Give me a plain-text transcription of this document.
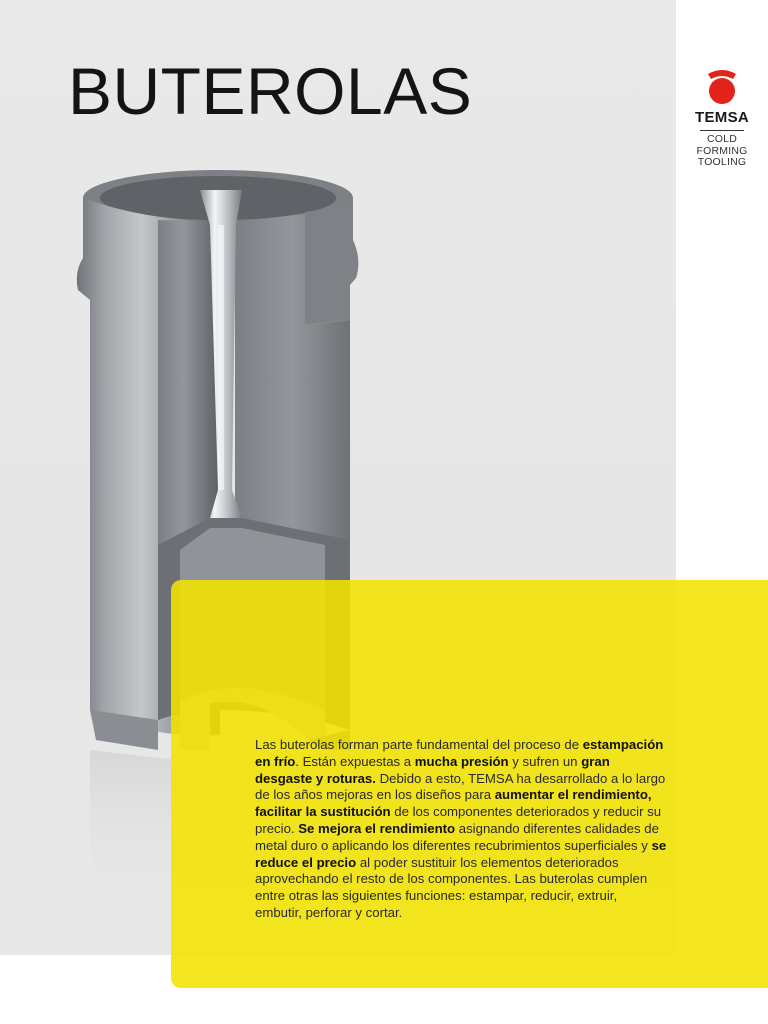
BUTEROLAS	TEMSA
COLD
FORMING
TOOLING

Las buterolas forman parte fundamental del proceso de estampación en frío. Están expuestas a mucha presión y sufren un gran desgaste y roturas. Debido a esto, TEMSA ha desarrollado a lo largo de los años mejoras en los diseños para aumentar el rendimiento, facilitar la sustitución de los componentes deteriorados y reducir su precio. Se mejora el rendimiento asignando diferentes calidades de metal duro o aplicando los diferentes recubrimientos superficiales y se reduce el precio al poder sustituir los elementos deteriorados aprovechando el resto de los componentes. Las buterolas cumplen entre otras las siguientes funciones: estampar, reducir, extruir, embutir, perforar y cortar.
